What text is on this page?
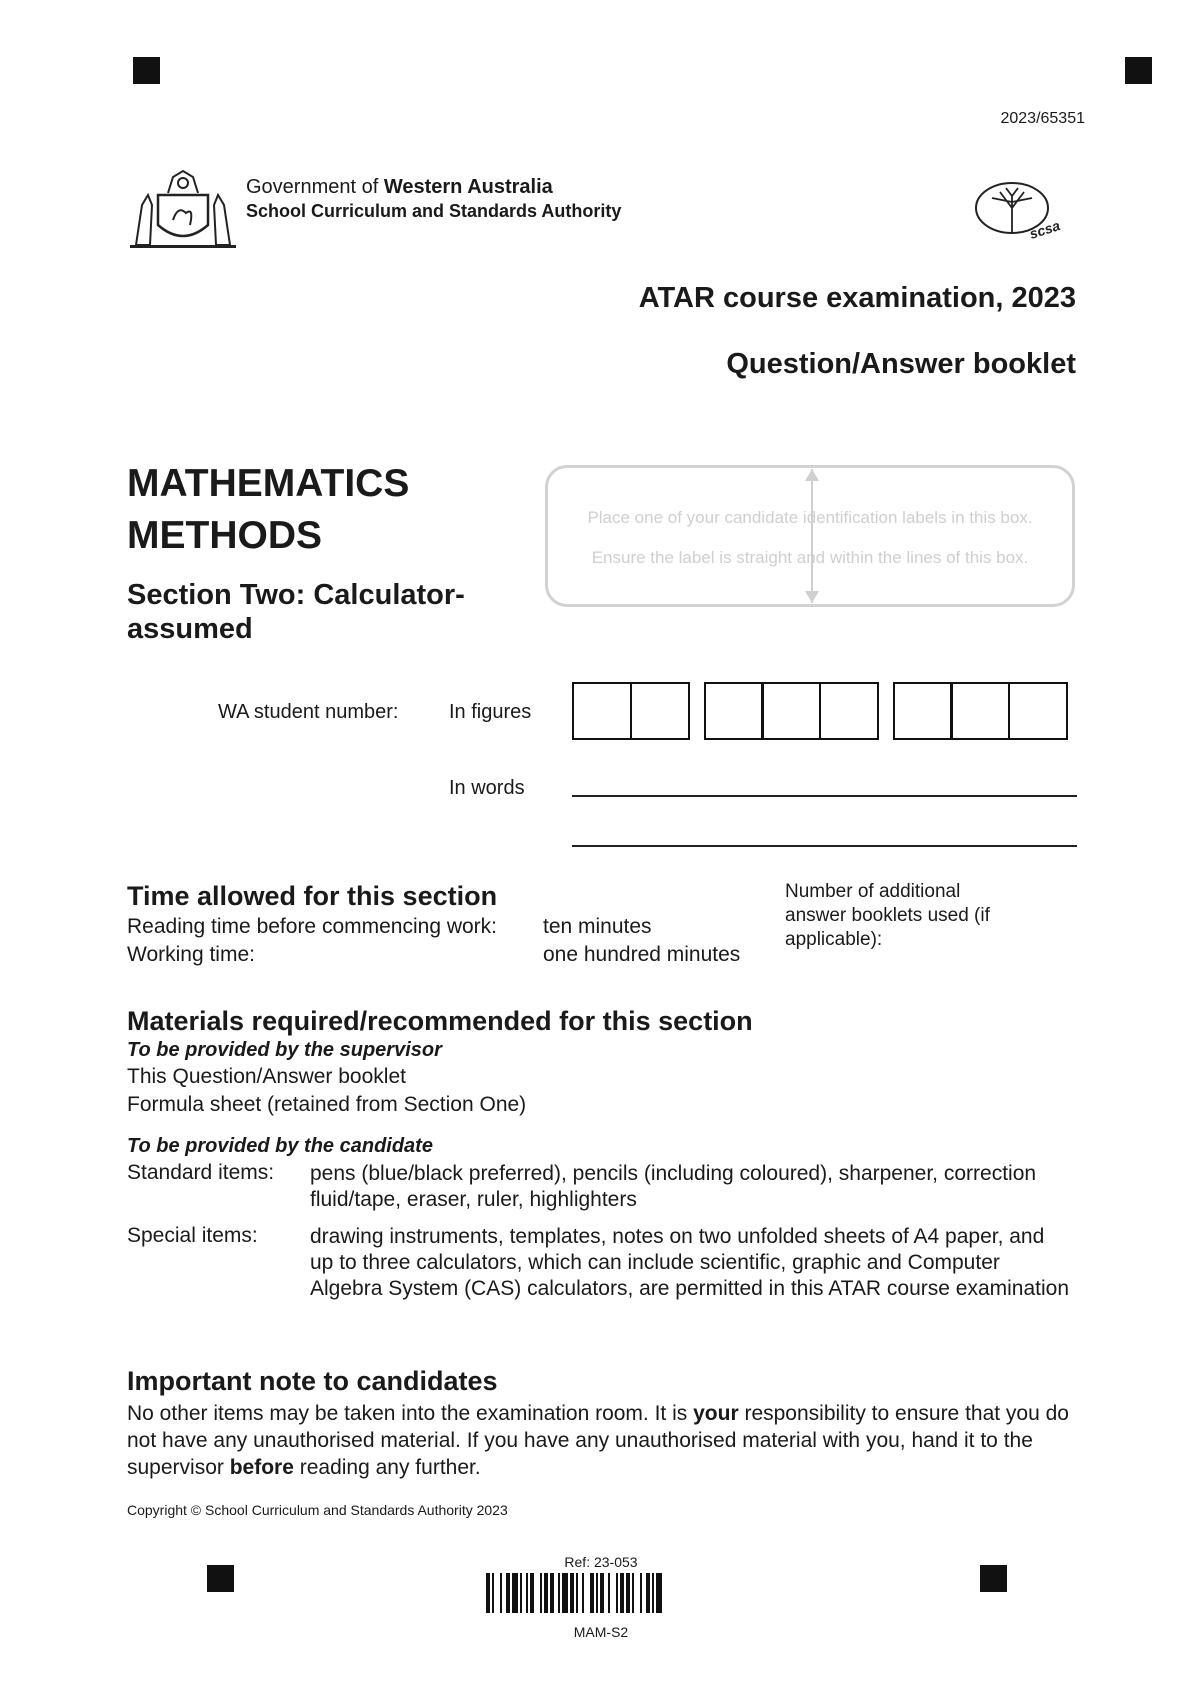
2023/65351
Government of Western Australia
School Curriculum and Standards Authority
scsa
ATAR course examination, 2023
Question/Answer booklet
MATHEMATICS METHODS
Section Two: Calculator-assumed
Place one of your candidate identification labels in this box.
Ensure the label is straight and within the lines of this box.
WA student number:	In figures
In words
Time allowed for this section
Reading time before commencing work: ten minutes
Working time:	one hundred minutes
Number of additional answer booklets used (if applicable):
Materials required/recommended for this section
To be provided by the supervisor
This Question/Answer booklet
Formula sheet (retained from Section One)
To be provided by the candidate
Standard items: pens (blue/black preferred), pencils (including coloured), sharpener, correction fluid/tape, eraser, ruler, highlighters
Special items: drawing instruments, templates, notes on two unfolded sheets of A4 paper, and up to three calculators, which can include scientific, graphic and Computer Algebra System (CAS) calculators, are permitted in this ATAR course examination
Important note to candidates
No other items may be taken into the examination room. It is your responsibility to ensure that you do not have any unauthorised material. If you have any unauthorised material with you, hand it to the supervisor before reading any further.
Copyright © School Curriculum and Standards Authority 2023
Ref: 23-053
MAM-S2
